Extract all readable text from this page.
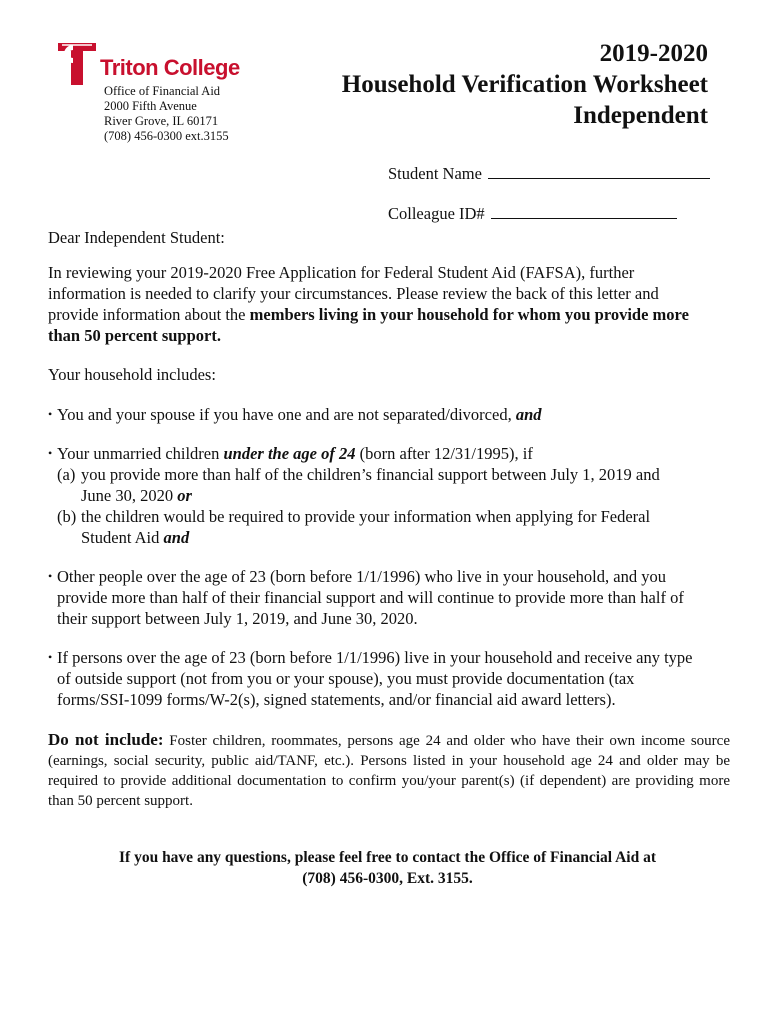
Triton College
Office of Financial Aid
2000 Fifth Avenue
River Grove, IL 60171
(708) 456-0300 ext.3155
2019-2020
Household Verification Worksheet
Independent
Student Name
Colleague ID#
Dear Independent Student:
In reviewing your 2019-2020 Free Application for Federal Student Aid (FAFSA), further information is needed to clarify your circumstances. Please review the back of this letter and provide information about the members living in your household for whom you provide more than 50 percent support.
Your household includes:
• You and your spouse if you have one and are not separated/divorced, and
• Your unmarried children under the age of 24 (born after 12/31/1995), if
(a) you provide more than half of the children’s financial support between July 1, 2019 and
June 30, 2020 or
(b) the children would be required to provide your information when applying for Federal
Student Aid and
• Other people over the age of 23 (born before 1/1/1996) who live in your household, and you
provide more than half of their financial support and will continue to provide more than half of
their support between July 1, 2019, and June 30, 2020.
• If persons over the age of 23 (born before 1/1/1996) live in your household and receive any type
of outside support (not from you or your spouse), you must provide documentation (tax
forms/SSI-1099 forms/W-2(s), signed statements, and/or financial aid award letters).
Do not include: Foster children, roommates, persons age 24 and older who have their own income source (earnings, social security, public aid/TANF, etc.). Persons listed in your household age 24 and older may be required to provide additional documentation to confirm you/your parent(s) (if dependent) are providing more than 50 percent support.
If you have any questions, please feel free to contact the Office of Financial Aid at
(708) 456-0300, Ext. 3155.
